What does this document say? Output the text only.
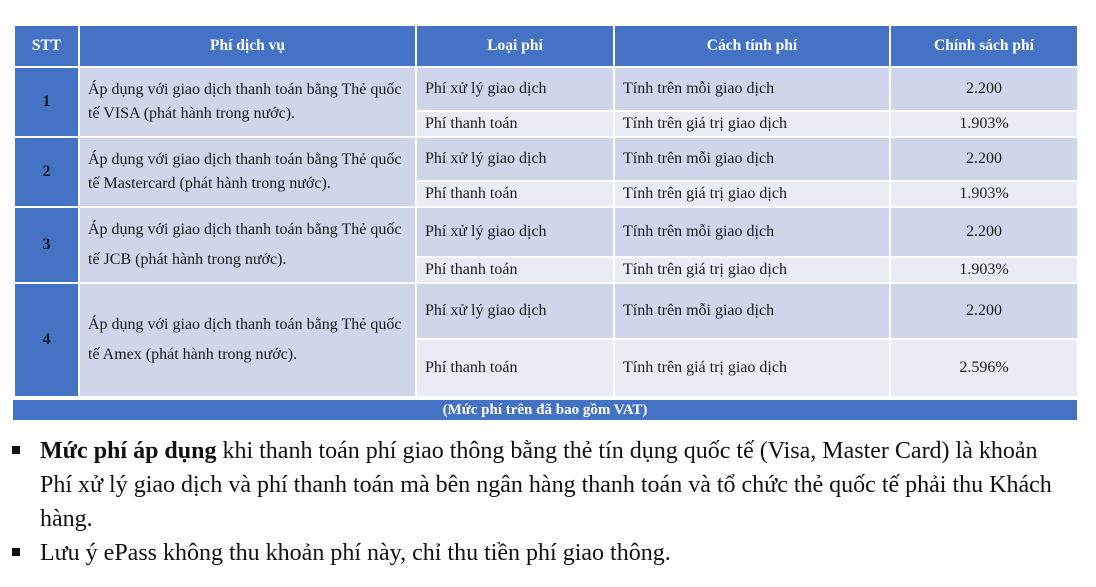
STT	Phí dịch vụ	Loại phí	Cách tính phí	Chính sách phí
1	Áp dụng với giao dịch thanh toán bằng Thẻ quốc tế VISA (phát hành trong nước).	Phí xử lý giao dịch	Tính trên mỗi giao dịch	2.200
		Phí thanh toán	Tính trên giá trị giao dịch	1.903%
2	Áp dụng với giao dịch thanh toán bằng Thẻ quốc tế Mastercard (phát hành trong nước).	Phí xử lý giao dịch	Tính trên mỗi giao dịch	2.200
		Phí thanh toán	Tính trên giá trị giao dịch	1.903%
3	Áp dụng với giao dịch thanh toán bằng Thẻ quốc tế JCB (phát hành trong nước).	Phí xử lý giao dịch	Tính trên mỗi giao dịch	2.200
		Phí thanh toán	Tính trên giá trị giao dịch	1.903%
4	Áp dụng với giao dịch thanh toán bằng Thẻ quốc tế Amex (phát hành trong nước).	Phí xử lý giao dịch	Tính trên mỗi giao dịch	2.200
		Phí thanh toán	Tính trên giá trị giao dịch	2.596%
(Mức phí trên đã bao gồm VAT)
Mức phí áp dụng khi thanh toán phí giao thông bằng thẻ tín dụng quốc tế (Visa, Master Card) là khoản Phí xử lý giao dịch và phí thanh toán mà bên ngân hàng thanh toán và tổ chức thẻ quốc tế phải thu Khách hàng.
Lưu ý ePass không thu khoản phí này, chỉ thu tiền phí giao thông.
